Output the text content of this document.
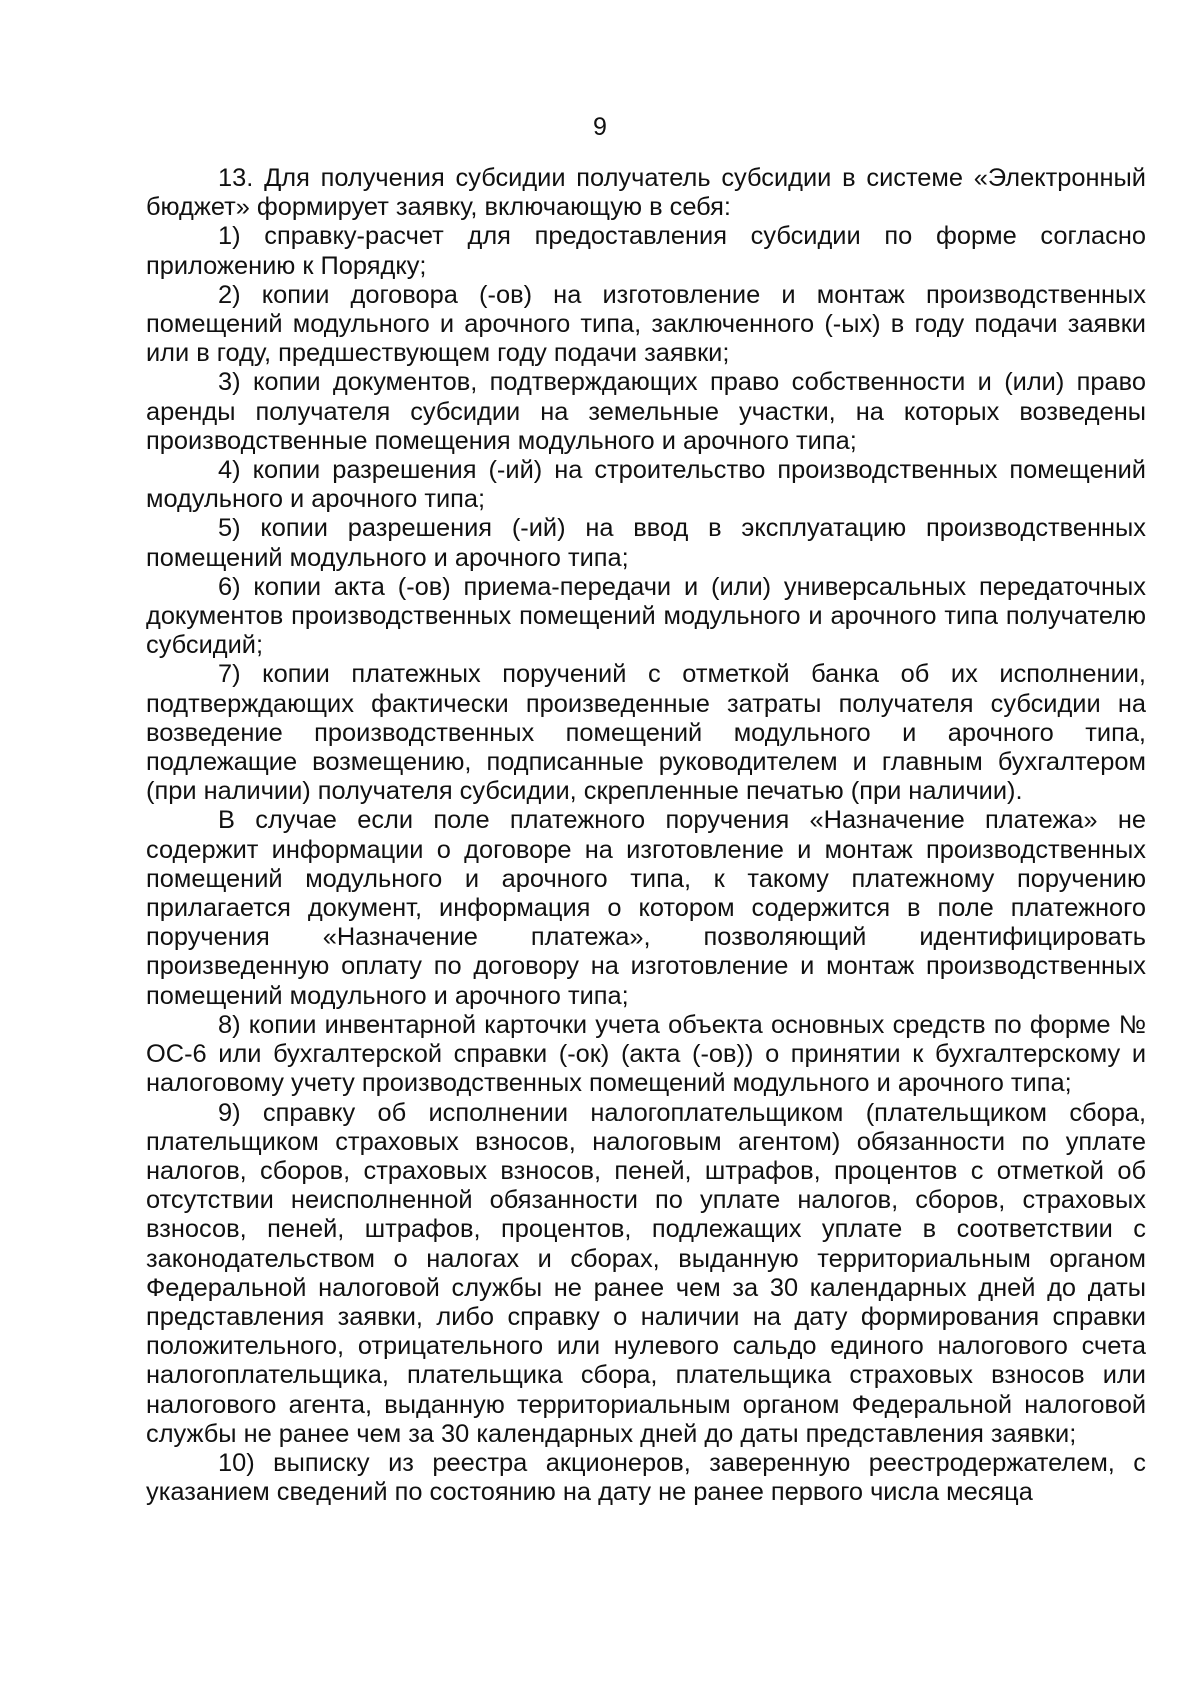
9

13. Для получения субсидии получатель субсидии в системе «Электронный бюджет» формирует заявку, включающую в себя:

1) справку-расчет для предоставления субсидии по форме согласно приложению к Порядку;

2) копии договора (-ов) на изготовление и монтаж производственных помещений модульного и арочного типа, заключенного (-ых) в году подачи заявки или в году, предшествующем году подачи заявки;

3) копии документов, подтверждающих право собственности и (или) право аренды получателя субсидии на земельные участки, на которых возведены производственные помещения модульного и арочного типа;

4) копии разрешения (-ий) на строительство производственных помещений модульного и арочного типа;

5) копии разрешения (-ий) на ввод в эксплуатацию производственных помещений модульного и арочного типа;

6) копии акта (-ов) приема-передачи и (или) универсальных передаточных документов производственных помещений модульного и арочного типа получателю субсидий;

7) копии платежных поручений с отметкой банка об их исполнении, подтверждающих фактически произведенные затраты получателя субсидии на возведение производственных помещений модульного и арочного типа, подлежащие возмещению, подписанные руководителем и главным бухгалтером (при наличии) получателя субсидии, скрепленные печатью (при наличии).

В случае если поле платежного поручения «Назначение платежа» не содержит информации о договоре на изготовление и монтаж производственных помещений модульного и арочного типа, к такому платежному поручению прилагается документ, информация о котором содержится в поле платежного поручения «Назначение платежа», позволяющий идентифицировать произведенную оплату по договору на изготовление и монтаж производственных помещений модульного и арочного типа;

8) копии инвентарной карточки учета объекта основных средств по форме № ОС-6 или бухгалтерской справки (-ок) (акта (-ов)) о принятии к бухгалтерскому и налоговому учету производственных помещений модульного и арочного типа;

9) справку об исполнении налогоплательщиком (плательщиком сбора, плательщиком страховых взносов, налоговым агентом) обязанности по уплате налогов, сборов, страховых взносов, пеней, штрафов, процентов с отметкой об отсутствии неисполненной обязанности по уплате налогов, сборов, страховых взносов, пеней, штрафов, процентов, подлежащих уплате в соответствии с законодательством о налогах и сборах, выданную территориальным органом Федеральной налоговой службы не ранее чем за 30 календарных дней до даты представления заявки, либо справку о наличии на дату формирования справки положительного, отрицательного или нулевого сальдо единого налогового счета налогоплательщика, плательщика сбора, плательщика страховых взносов или налогового агента, выданную территориальным органом Федеральной налоговой службы не ранее чем за 30 календарных дней до даты представления заявки;

10) выписку из реестра акционеров, заверенную реестродержателем, с указанием сведений по состоянию на дату не ранее первого числа месяца
